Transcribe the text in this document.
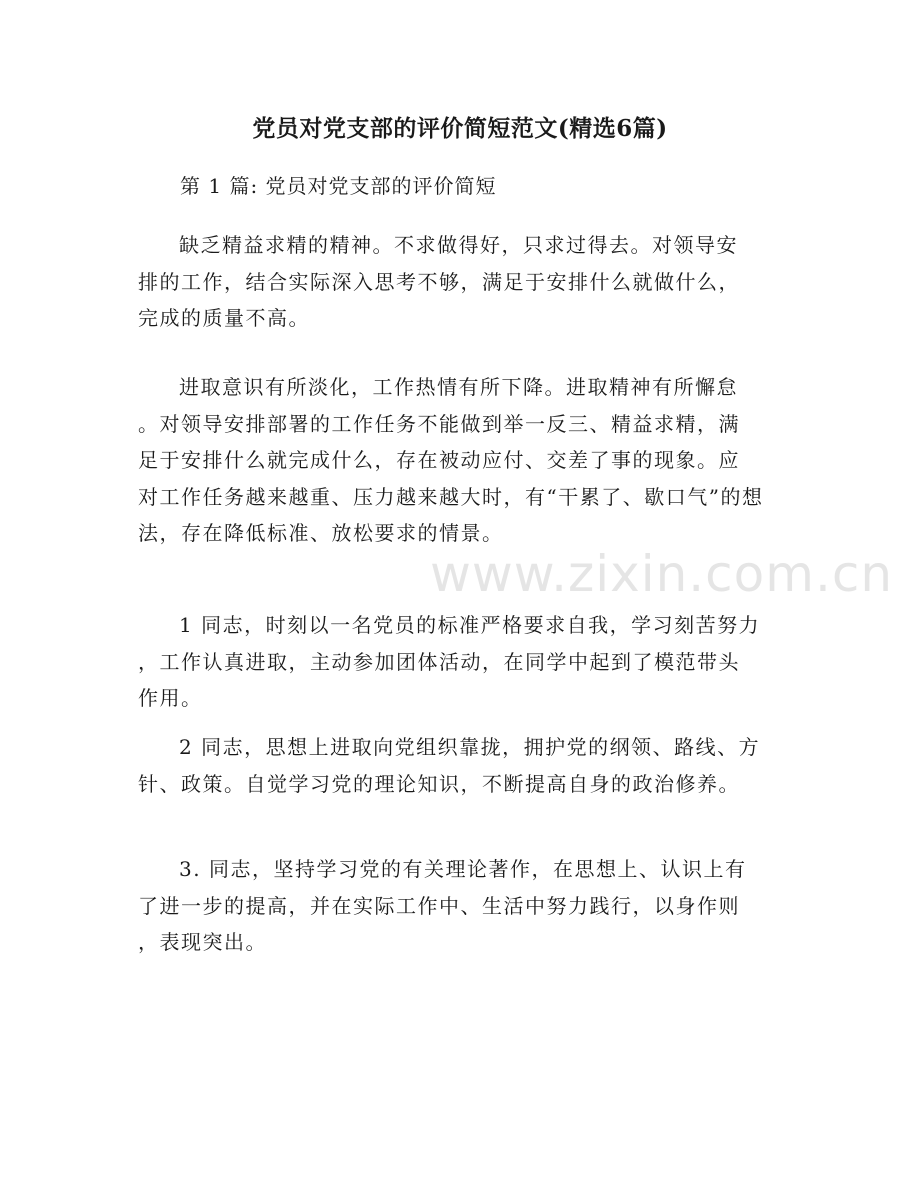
党员对党支部的评价简短范文(精选6篇)
第 1 篇: 党员对党支部的评价简短
缺乏精益求精的精神。不求做得好，只求过得去。对领导安
排的工作，结合实际深入思考不够，满足于安排什么就做什么，
完成的质量不高。
进取意识有所淡化，工作热情有所下降。进取精神有所懈怠
。对领导安排部署的工作任务不能做到举一反三、精益求精，满
足于安排什么就完成什么，存在被动应付、交差了事的现象。应
对工作任务越来越重、压力越来越大时，有“干累了、歇口气”的想
法，存在降低标准、放松要求的情景。
1 同志，时刻以一名党员的标准严格要求自我，学习刻苦努力
，工作认真进取，主动参加团体活动，在同学中起到了模范带头
作用。
2 同志，思想上进取向党组织靠拢，拥护党的纲领、路线、方
针、政策。自觉学习党的理论知识，不断提高自身的政治修养。
3. 同志，坚持学习党的有关理论著作，在思想上、认识上有
了进一步的提高，并在实际工作中、生活中努力践行，以身作则
，表现突出。
www.zixin.com.cn
